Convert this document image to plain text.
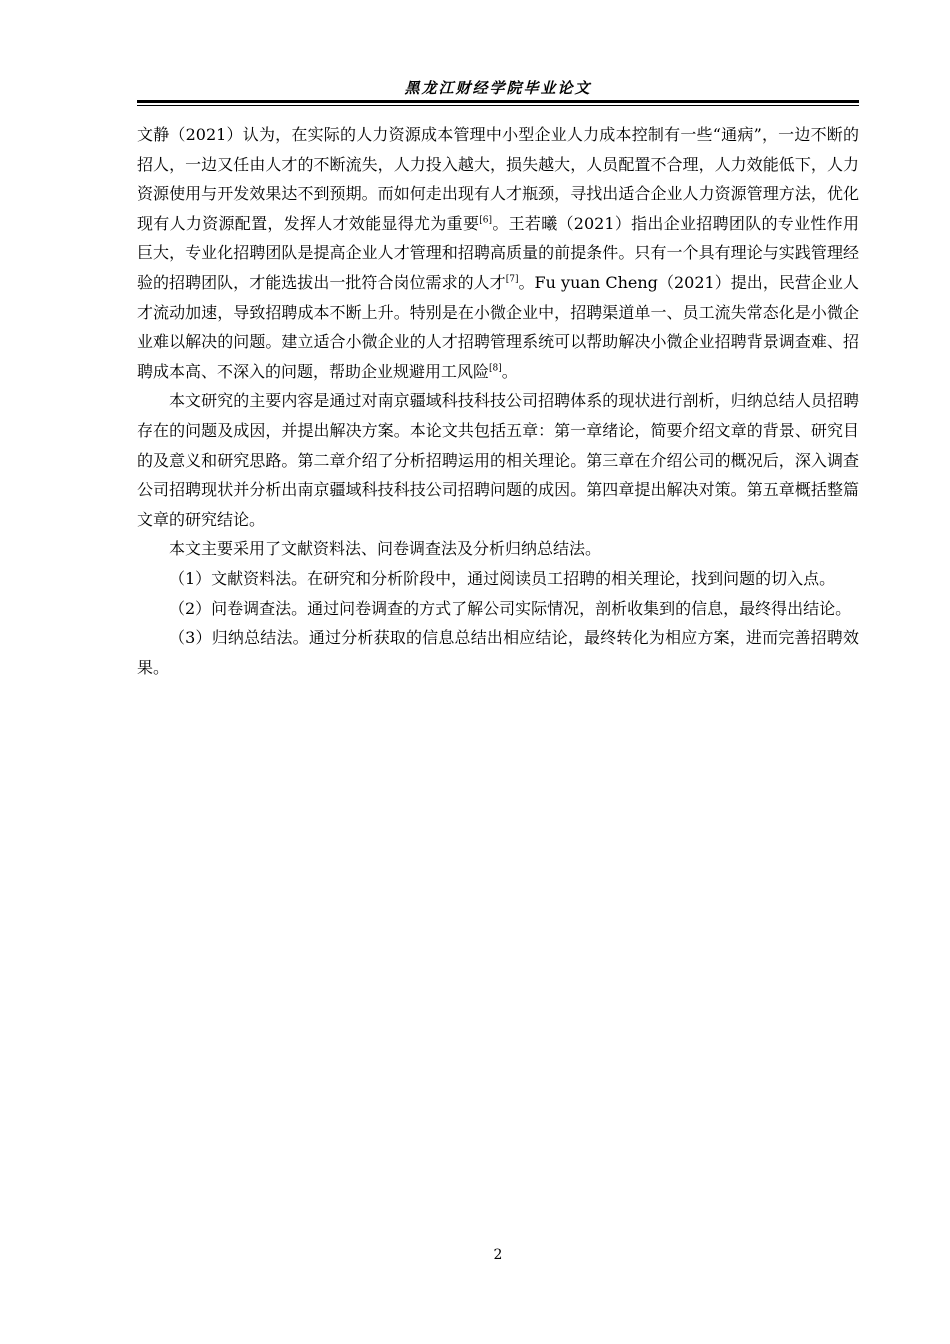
黑龙江财经学院毕业论文

文静（2021）认为，在实际的人力资源成本管理中小型企业人力成本控制有一些“通病”，一边不断的招人，一边又任由人才的不断流失，人力投入越大，损失越大，人员配置不合理，人力效能低下，人力资源使用与开发效果达不到预期。而如何走出现有人才瓶颈，寻找出适合企业人力资源管理方法，优化现有人力资源配置，发挥人才效能显得尤为重要[6]。王若曦（2021）指出企业招聘团队的专业性作用巨大，专业化招聘团队是提高企业人才管理和招聘高质量的前提条件。只有一个具有理论与实践管理经验的招聘团队，才能选拔出一批符合岗位需求的人才[7]。Fu yuan Cheng（2021）提出，民营企业人才流动加速，导致招聘成本不断上升。特别是在小微企业中，招聘渠道单一、员工流失常态化是小微企业难以解决的问题。建立适合小微企业的人才招聘管理系统可以帮助解决小微企业招聘背景调查难、招聘成本高、不深入的问题，帮助企业规避用工风险[8]。

本文研究的主要内容是通过对南京疆域科技科技公司招聘体系的现状进行剖析，归纳总结人员招聘存在的问题及成因，并提出解决方案。本论文共包括五章：第一章绪论，简要介绍文章的背景、研究目的及意义和研究思路。第二章介绍了分析招聘运用的相关理论。第三章在介绍公司的概况后，深入调查公司招聘现状并分析出南京疆域科技科技公司招聘问题的成因。第四章提出解决对策。第五章概括整篇文章的研究结论。

本文主要采用了文献资料法、问卷调查法及分析归纳总结法。

（1）文献资料法。在研究和分析阶段中，通过阅读员工招聘的相关理论，找到问题的切入点。

（2）问卷调查法。通过问卷调查的方式了解公司实际情况，剖析收集到的信息，最终得出结论。

（3）归纳总结法。通过分析获取的信息总结出相应结论，最终转化为相应方案，进而完善招聘效果。

2
